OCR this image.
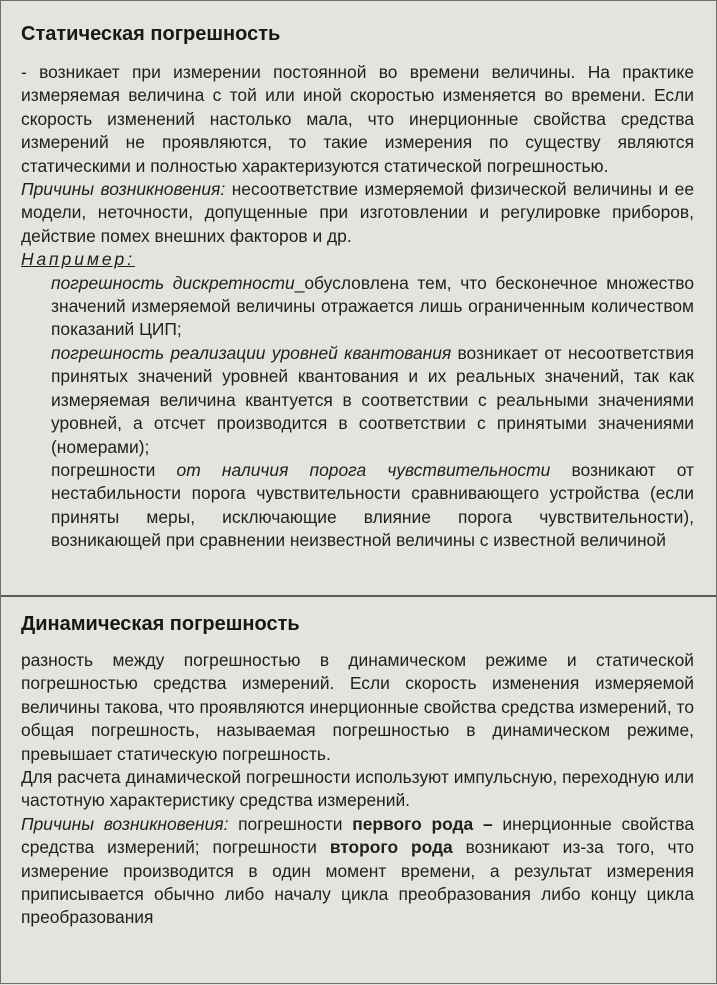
Статическая погрешность

- возникает при измерении постоянной во времени величины. На практике измеряемая величина с той или иной скоростью изменяется во времени. Если скорость изменений настолько мала, что инерционные свойства средства измерений не проявляются, то такие измерения по существу являются статическими и полностью характеризуются статической погрешностью.

Причины возникновения: несоответствие измеряемой физической величины и ее модели, неточности, допущенные при изготовлении и регулировке приборов, действие помех внешних факторов и др.

Например:

погрешность дискретности_обусловлена тем, что бесконечное множество значений измеряемой величины отражается лишь ограниченным количеством показаний ЦИП;

погрешность реализации уровней квантования возникает от несоответствия принятых значений уровней квантования и их реальных значений, так как измеряемая величина квантуется в соответствии с реальными значениями уровней, а отсчет производится в соответствии с принятыми значениями (номерами);

погрешности от наличия порога чувствительности возникают от нестабильности порога чувствительности сравнивающего устройства (если приняты меры, исключающие влияние порога чувствительности), возникающей при сравнении неизвестной величины с известной величиной

Динамическая погрешность

разность между погрешностью в динамическом режиме и статической погрешностью средства измерений. Если скорость изменения измеряемой величины такова, что проявляются инерционные свойства средства измерений, то общая погрешность, называемая погрешностью в динамическом режиме, превышает статическую погрешность.

Для расчета динамической погрешности используют импульсную, переходную или частотную характеристику средства измерений.

Причины возникновения: погрешности первого рода – инерционные свойства средства измерений; погрешности второго рода возникают из-за того, что измерение производится в один момент времени, а результат измерения приписывается обычно либо началу цикла преобразования либо концу цикла преобразования
